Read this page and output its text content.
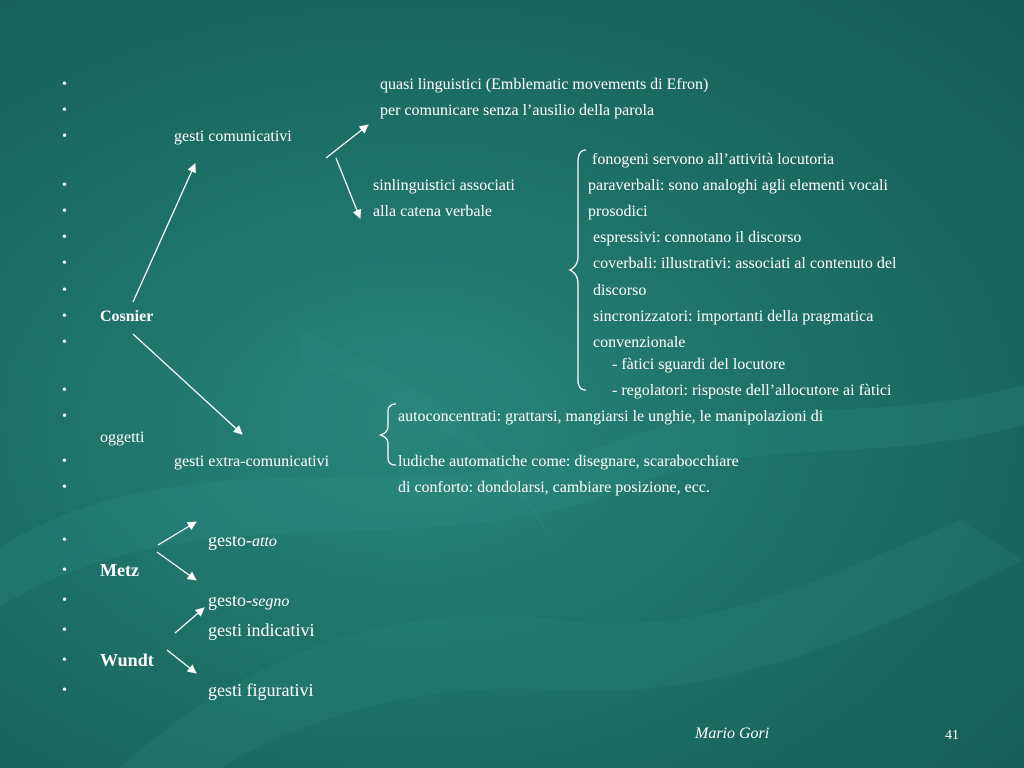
•
•
•
•
•
•
•
•
•
•
•
•
•
•
quasi linguistici (Emblematic movements di Efron)
per comunicare senza l’ausilio della parola
gesti comunicativi
fonogeni servono all’attività locutoria
sinlinguistici associati	paraverbali: sono analoghi agli elementi vocali
alla catena verbale	prosodici
espressivi: connotano il discorso
coverbali: illustrativi: associati al contenuto del
discorso
Cosnier	sincronizzatori: importanti della pragmatica
convenzionale
- fàtici sguardi del locutore
- regolatori: risposte dell’allocutore ai fàtici
autoconcentrati: grattarsi, mangiarsi le unghie, le manipolazioni di
oggetti
gesti extra-comunicativi	ludiche automatiche come: disegnare, scarabocchiare
di conforto: dondolarsi, cambiare posizione, ecc.
•
•
•
•
•
•
gesto-atto
Metz
gesto-segno
gesti indicativi
Wundt
gesti figurativi
Mario Gori	41
